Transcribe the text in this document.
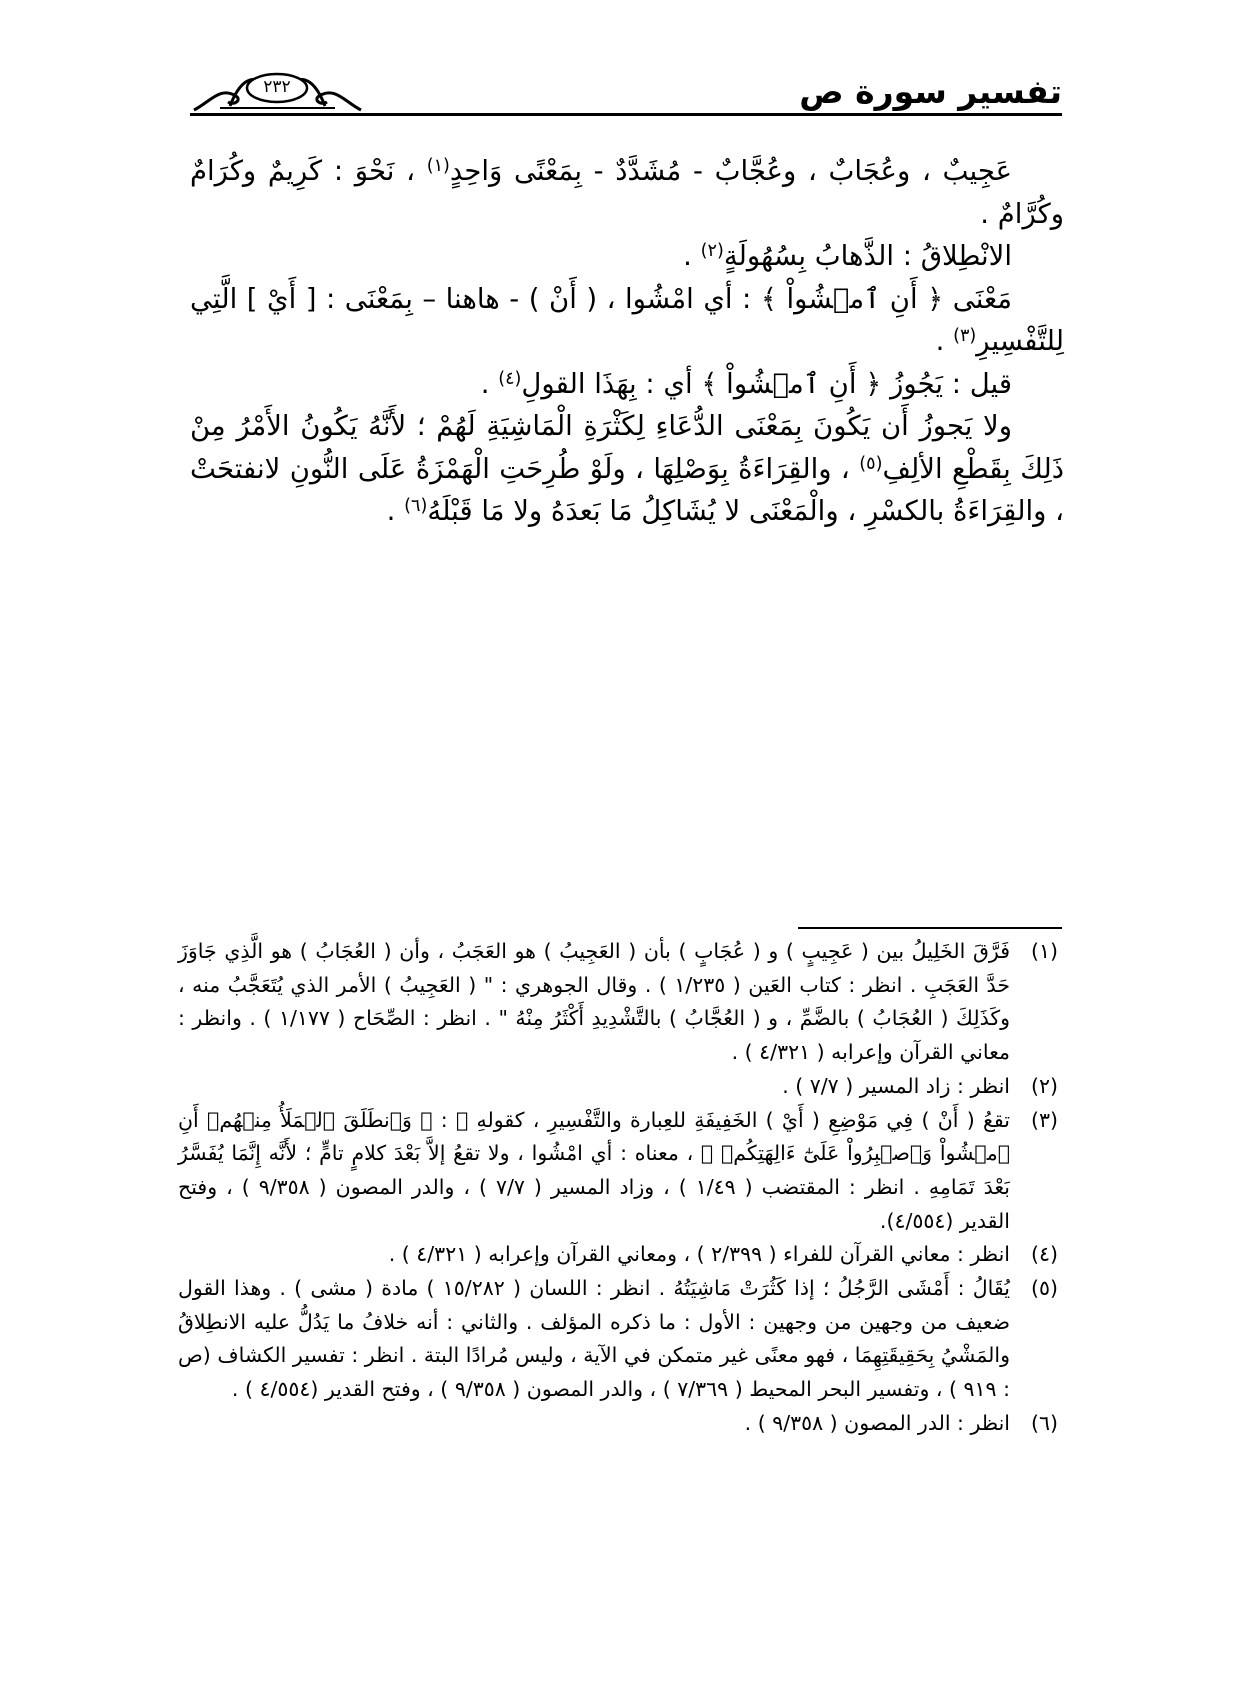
تفسير سورة ص
٢٣٢

عَجِيبٌ ، وعُجَابٌ ، وعُجَّابٌ - مُشَدَّدٌ - بِمَعْنًى وَاحِدٍ$^{(١)}$ ، نَحْوَ : كَرِيمٌ وكُرَامٌ وكُرَّامٌ .

الانْطِلاقُ : الذَّهابُ بِسُهُولَةٍ$^{(٢)}$ .

مَعْنَى ﴿ أَنِ ٱمۡشُواْ ﴾ : أي امْشُوا ، ( أَنْ ) - هاهنا – بِمَعْنَى : [ أَيْ ] الَّتِي لِلتَّفْسِيرِ$^{(٣)}$ .

قيل : يَجُوزُ ﴿ أَنِ ٱمۡشُواْ ﴾ أي : بِهَذَا القولِ$^{(٤)}$ .

ولا يَجوزُ أَن يَكُونَ بِمَعْنَى الدُّعَاءِ لِكَثْرَةِ الْمَاشِيَةِ لَهُمْ ؛ لأَنَّهُ يَكُونُ الأَمْرُ مِنْ ذَلِكَ بِقَطْعِ الألِفِ$^{(٥)}$ ، والقِرَاءَةُ بِوَصْلِهَا ، ولَوْ طُرِحَتِ الْهَمْزَةُ عَلَى النُّونِ لانفتحَتْ ، والقِرَاءَةُ بالكسْرِ ، والْمَعْنَى لا يُشَاكِلُ مَا بَعدَهُ ولا مَا قَبْلَهُ$^{(٦)}$ .

(١)
فَرَّقَ الخَلِيلُ بين ( عَجِيبٍ ) و ( عُجَابٍ ) بأن ( العَجِيبُ ) هو العَجَبُ ، وأن ( العُجَابُ ) هو الَّذِي جَاوَزَ حَدَّ العَجَبِ . انظر : كتاب العَين ( ١/٢٣٥ ) . وقال الجوهري : " ( العَجِيبُ ) الأمر الذي يُتَعَجَّبُ منه ، وكَذَلِكَ ( العُجَابُ ) بالضَّمِّ ، و ( العُجَّابُ ) بالتَّشْدِيدِ أَكْثَرُ مِنْهُ " . انظر : الصِّحَاح ( ١/١٧٧ ) . وانظر : معاني القرآن وإعرابه ( ٤/٣٢١ ) .
(٢)
انظر : زاد المسير ( ٧/٧ ) .
(٣)
تقعُ ( أَنْ ) فِي مَوْضِعِ ( أَيْ ) الخَفِيفَةِ للعِبارة والتَّفْسِيرِ ، كقولهِ ﷺ : ﴿ وَٱنطَلَقَ ٱلۡمَلَأُ مِنۡهُمۡ أَنِ ٱمۡشُواْ وَٱصۡبِرُواْ عَلَىٰٓ ءَالِهَتِكُمۡ ﴾ ، معناه : أي امْشُوا ، ولا تقعُ إلاَّ بَعْدَ كلامٍ تامٍّ ؛ لأَنَّه إِنَّمَا يُفَسَّرُ بَعْدَ تَمَامِهِ . انظر : المقتضب ( ١/٤٩ ) ، وزاد المسير ( ٧/٧ ) ، والدر المصون ( ٩/٣٥٨ ) ، وفتح القدير (٤/٥٥٤).
(٤)
انظر : معاني القرآن للفراء ( ٢/٣٩٩ ) ، ومعاني القرآن وإعرابه ( ٤/٣٢١ ) .
(٥)
يُقَالُ : أَمْشَى الرَّجُلُ ؛ إذا كَثُرَتْ مَاشِيَتُهُ . انظر : اللسان ( ١٥/٢٨٢ ) مادة ( مشى ) . وهذا القول ضعيف من وجهين من وجهين : الأول : ما ذكره المؤلف . والثاني : أنه خلافُ ما يَدُلُّ عليه الانطِلاقُ والمَشْيُ بِحَقِيقَتِهِمَا ، فهو معنًى غير متمكن في الآية ، وليس مُرادًا البتة . انظر : تفسير الكشاف (ص : ٩١٩ ) ، وتفسير البحر المحيط ( ٧/٣٦٩ ) ، والدر المصون ( ٩/٣٥٨ ) ، وفتح القدير (٤/٥٥٤ ) .
(٦)
انظر : الدر المصون ( ٩/٣٥٨ ) .
